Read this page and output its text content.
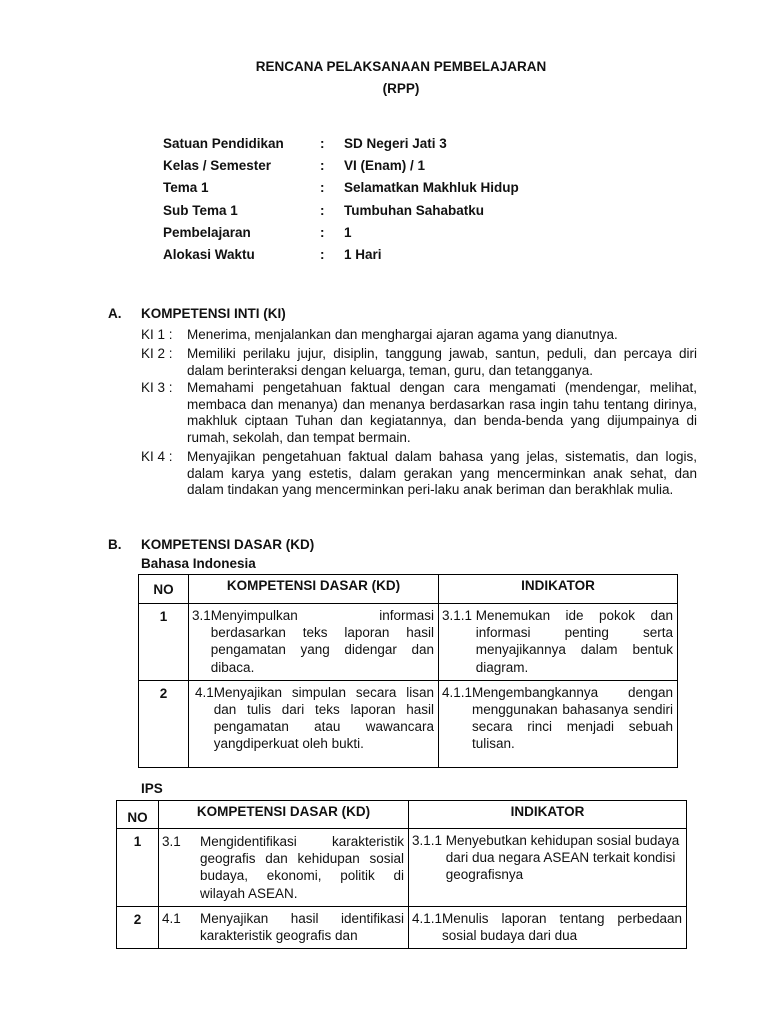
RENCANA PELAKSANAAN PEMBELAJARAN
(RPP)
Satuan Pendidikan	: SD Negeri Jati 3
Kelas / Semester	: VI (Enam) / 1
Tema 1	: Selamatkan Makhluk Hidup
Sub Tema 1	: Tumbuhan Sahabatku
Pembelajaran	: 1
Alokasi Waktu	: 1 Hari
A. KOMPETENSI INTI (KI)
KI 1 : Menerima, menjalankan dan menghargai ajaran agama yang dianutnya.
KI 2 : Memiliki perilaku jujur, disiplin, tanggung jawab, santun, peduli, dan percaya diri dalam berinteraksi dengan keluarga, teman, guru, dan tetangganya.
KI 3 : Memahami pengetahuan faktual dengan cara mengamati (mendengar, melihat, membaca dan menanya) dan menanya berdasarkan rasa ingin tahu tentang dirinya, makhluk ciptaan Tuhan dan kegiatannya, dan benda-benda yang dijumpainya di rumah, sekolah, dan tempat bermain.
KI 4 : Menyajikan pengetahuan faktual dalam bahasa yang jelas, sistematis, dan logis, dalam karya yang estetis, dalam gerakan yang mencerminkan anak sehat, dan dalam tindakan yang mencerminkan peri-laku anak beriman dan berakhlak mulia.
B. KOMPETENSI DASAR (KD)
Bahasa Indonesia
NO	KOMPETENSI DASAR (KD)	INDIKATOR
1	3.1 Menyimpulkan informasi berdasarkan teks laporan hasil pengamatan yang didengar dan dibaca.	3.1.1 Menemukan ide pokok dan informasi penting serta menyajikannya dalam bentuk diagram.

2	4.1 Menyajikan simpulan secara lisan dan tulis dari teks laporan hasil pengamatan atau wawancara yangdiperkuat oleh bukti.	4.1.1 Mengembangkannya dengan menggunakan bahasanya sendiri secara rinci menjadi sebuah tulisan.
IPS
NO	KOMPETENSI DASAR (KD)	INDIKATOR
1	3.1 Mengidentifikasi karakteristik geografis dan kehidupan sosial budaya, ekonomi, politik di wilayah ASEAN.	3.1.1 Menyebutkan kehidupan sosial budaya dari dua negara ASEAN terkait kondisi geografisnya

2	4.1 Menyajikan hasil identifikasi karakteristik geografis dan	4.1.1 Menulis laporan tentang perbedaan sosial budaya dari dua
